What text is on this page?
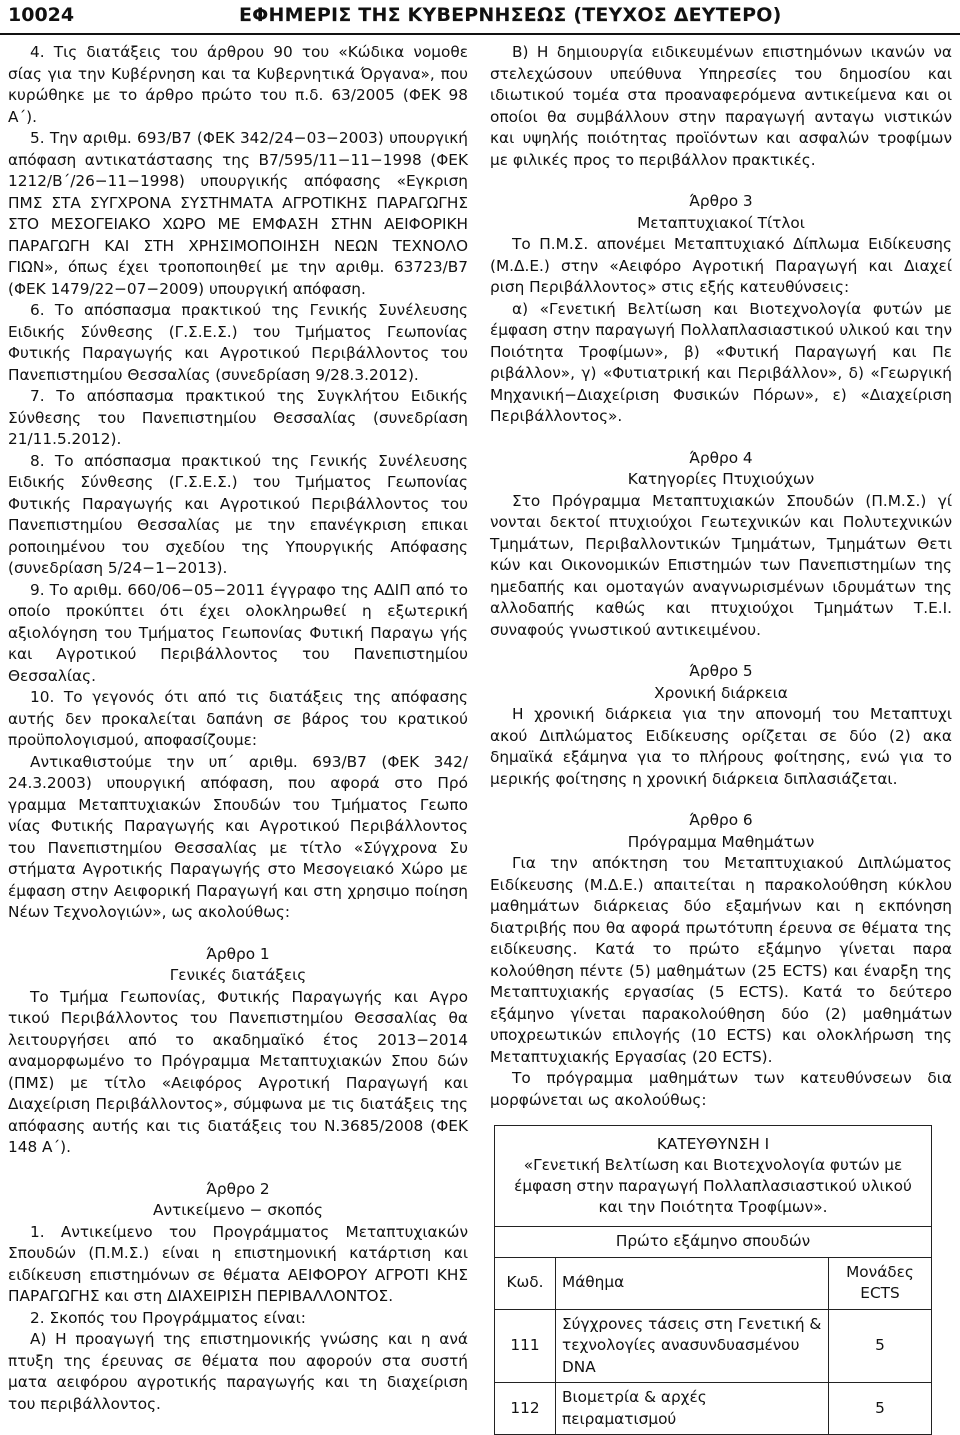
10024	ΕΦΗΜΕΡΙΣ ΤΗΣ ΚΥΒΕΡΝΗΣΕΩΣ (ΤΕΥΧΟΣ ΔΕΥΤΕΡΟ)

4. Τις διατάξεις του άρθρου 90 του «Κώδικα νομοθε σίας για την Κυβέρνηση και τα Κυβερνητικά Όργανα», που κυρώθηκε με το άρθρο πρώτο του π.δ. 63/2005 (ΦΕΚ 98 Α΄).

5. Την αριθμ. 693/Β7 (ΦΕΚ 342/24−03−2003) υπουργική απόφαση αντικατάστασης της Β7/595/11−11−1998 (ΦΕΚ 1212/Β΄/26−11−1998) υπουργικής απόφασης «Εγκριση ΠΜΣ ΣΤΑ ΣΥΓΧΡΟΝΑ ΣΥΣΤΗΜΑΤΑ ΑΓΡΟΤΙΚΗΣ ΠΑΡΑΓΩΓΗΣ ΣΤΟ ΜΕΣΟΓΕΙΑΚΟ ΧΩΡΟ ΜΕ ΕΜΦΑΣΗ ΣΤΗΝ ΑΕΙΦΟΡΙΚΗ ΠΑΡΑΓΩΓΗ ΚΑΙ ΣΤΗ ΧΡΗΣΙΜΟΠΟΙΗΣΗ ΝΕΩΝ ΤΕΧΝΟΛΟ ΓΙΩΝ», όπως έχει τροποποιηθεί με την αριθμ. 63723/Β7 (ΦΕΚ 1479/22−07−2009) υπουργική απόφαση.

6. Το απόσπασμα πρακτικού της Γενικής Συνέλευσης Ειδικής Σύνθεσης (Γ.Σ.Ε.Σ.) του Τμήματος Γεωπονίας Φυτικής Παραγωγής και Αγροτικού Περιβάλλοντος του Πανεπιστημίου Θεσσαλίας (συνεδρίαση 9/28.3.2012).

7. Το απόσπασμα πρακτικού της Συγκλήτου Ειδικής Σύνθεσης του Πανεπιστημίου Θεσσαλίας (συνεδρίαση 21/11.5.2012).

8. Το απόσπασμα πρακτικού της Γενικής Συνέλευσης Ειδικής Σύνθεσης (Γ.Σ.Ε.Σ.) του Τμήματος Γεωπονίας Φυτικής Παραγωγής και Αγροτικού Περιβάλλοντος του Πανεπιστημίου Θεσσαλίας με την επανέγκριση επικαι ροποιημένου του σχεδίου της Υπουργικής Απόφασης (συνεδρίαση 5/24−1−2013).

9. Το αριθμ. 660/06−05−2011 έγγραφο της ΑΔΙΠ από το οποίο προκύπτει ότι έχει ολοκληρωθεί η εξωτερική αξιολόγηση του Τμήματος Γεωπονίας Φυτική Παραγω γής και Αγροτικού Περιβάλλοντος του Πανεπιστημίου Θεσσαλίας.

10. Το γεγονός ότι από τις διατάξεις της απόφασης αυτής δεν προκαλείται δαπάνη σε βάρος του κρατικού προϋπολογισμού, αποφασίζουμε:

Αντικαθιστούμε την υπ΄ αριθμ. 693/Β7 (ΦΕΚ 342/ 24.3.2003) υπουργική απόφαση, που αφορά στο Πρό γραμμα Μεταπτυχιακών Σπουδών του Τμήματος Γεωπο νίας Φυτικής Παραγωγής και Αγροτικού Περιβάλλοντος του Πανεπιστημίου Θεσσαλίας με τίτλο «Σύγχρονα Συ στήματα Αγροτικής Παραγωγής στο Μεσογειακό Χώρο με έμφαση στην Αειφορική Παραγωγή και στη χρησιμο ποίηση Νέων Τεχνολογιών», ως ακολούθως:

Άρθρο 1

Γενικές διατάξεις

Το Τμήμα Γεωπονίας, Φυτικής Παραγωγής και Αγρο τικού Περιβάλλοντος του Πανεπιστημίου Θεσσαλίας θα λειτουργήσει από το ακαδημαϊκό έτος 2013−2014 αναμορφωμένο το Πρόγραμμα Μεταπτυχιακών Σπου δών (ΠΜΣ) με τίτλο «Αειφόρος Αγροτική Παραγωγή και Διαχείριση Περιβάλλοντος», σύμφωνα με τις διατάξεις της απόφασης αυτής και τις διατάξεις του Ν.3685/2008 (ΦΕΚ 148 Α΄).

Άρθρο 2

Αντικείμενο − σκοπός

1. Αντικείμενο του Προγράμματος Μεταπτυχιακών Σπουδών (Π.Μ.Σ.) είναι η επιστημονική κατάρτιση και ειδίκευση επιστημόνων σε θέματα ΑΕΙΦΟΡΟΥ ΑΓΡΟΤΙ ΚΗΣ ΠΑΡΑΓΩΓΗΣ και στη ΔΙΑΧΕΙΡΙΣΗ ΠΕΡΙΒΑΛΛΟΝΤΟΣ.

2. Σκοπός του Προγράμματος είναι:

Α) Η προαγωγή της επιστημονικής γνώσης και η ανά πτυξη της έρευνας σε θέματα που αφορούν στα συστή ματα αειφόρου αγροτικής παραγωγής και τη διαχείριση του περιβάλλοντος.

Β) Η δημιουργία ειδικευμένων επιστημόνων ικανών να στελεχώσουν υπεύθυνα Υπηρεσίες του δημοσίου και ιδιωτικού τομέα στα προαναφερόμενα αντικείμενα και οι οποίοι θα συμβάλλουν στην παραγωγή ανταγω νιστικών και υψηλής ποιότητας προϊόντων και ασφαλών τροφίμων με φιλικές προς το περιβάλλον πρακτικές.

Άρθρο 3

Μεταπτυχιακοί Τίτλοι

Το Π.Μ.Σ. απονέμει Μεταπτυχιακό Δίπλωμα Ειδίκευσης (Μ.Δ.Ε.) στην «Αειφόρο Αγροτική Παραγωγή και Διαχεί ριση Περιβάλλοντος» στις εξής κατευθύνσεις:

α) «Γενετική Βελτίωση και Βιοτεχνολογία φυτών με έμφαση στην παραγωγή Πολλαπλασιαστικού υλικού και την Ποιότητα Τροφίμων», β) «Φυτική Παραγωγή και Πε ριβάλλον», γ) «Φυτιατρική και Περιβάλλον», δ) «Γεωργική Μηχανική−Διαχείριση Φυσικών Πόρων», ε) «Διαχείριση Περιβάλλοντος».

Άρθρο 4

Κατηγορίες Πτυχιούχων

Στο Πρόγραμμα Μεταπτυχιακών Σπουδών (Π.Μ.Σ.) γί νονται δεκτοί πτυχιούχοι Γεωτεχνικών και Πολυτεχνικών Τμημάτων, Περιβαλλοντικών Τμημάτων, Τμημάτων Θετι κών και Οικονομικών Επιστημών των Πανεπιστημίων της ημεδαπής και ομοταγών αναγνωρισμένων ιδρυμάτων της αλλοδαπής καθώς και πτυχιούχοι Τμημάτων Τ.Ε.Ι. συναφούς γνωστικού αντικειμένου.

Άρθρο 5

Χρονική διάρκεια

Η χρονική διάρκεια για την απονομή του Μεταπτυχι ακού Διπλώματος Ειδίκευσης ορίζεται σε δύο (2) ακα δημαϊκά εξάμηνα για το πλήρους φοίτησης, ενώ για το μερικής φοίτησης η χρονική διάρκεια διπλασιάζεται.

Άρθρο 6

Πρόγραμμα Μαθημάτων

Για την απόκτηση του Μεταπτυχιακού Διπλώματος Ειδίκευσης (Μ.Δ.Ε.) απαιτείται η παρακολούθηση κύκλου μαθημάτων διάρκειας δύο εξαμήνων και η εκπόνηση διατριβής που θα αφορά πρωτότυπη έρευνα σε θέματα της ειδίκευσης. Κατά το πρώτο εξάμηνο γίνεται παρα κολούθηση πέντε (5) μαθημάτων (25 ECTS) και έναρξη της Μεταπτυχιακής εργασίας (5 ECTS). Κατά το δεύτερο εξάμηνο γίνεται παρακολούθηση δύο (2) μαθημάτων υποχρεωτικών επιλογής (10 ECTS) και ολοκλήρωση της Μεταπτυχιακής Εργασίας (20 ECTS).

Το πρόγραμμα μαθημάτων των κατευθύνσεων δια μορφώνεται ως ακολούθως:

ΚΑΤΕΥΘΥΝΣΗ Ι
«Γενετική Βελτίωση και Βιοτεχνολογία φυτών με έμφαση στην παραγωγή Πολλαπλασιαστικού υλικού και την Ποιότητα Τροφίμων».
Πρώτο εξάμηνο σπουδών		
Κωδ.	Μάθημα	Μονάδες ECTS
111	Σύγχρονες τάσεις στη Γενετική & τεχνολογίες ανασυνδυασμένου DNA	5
112	Βιομετρία & αρχές πειραματισμού	5
